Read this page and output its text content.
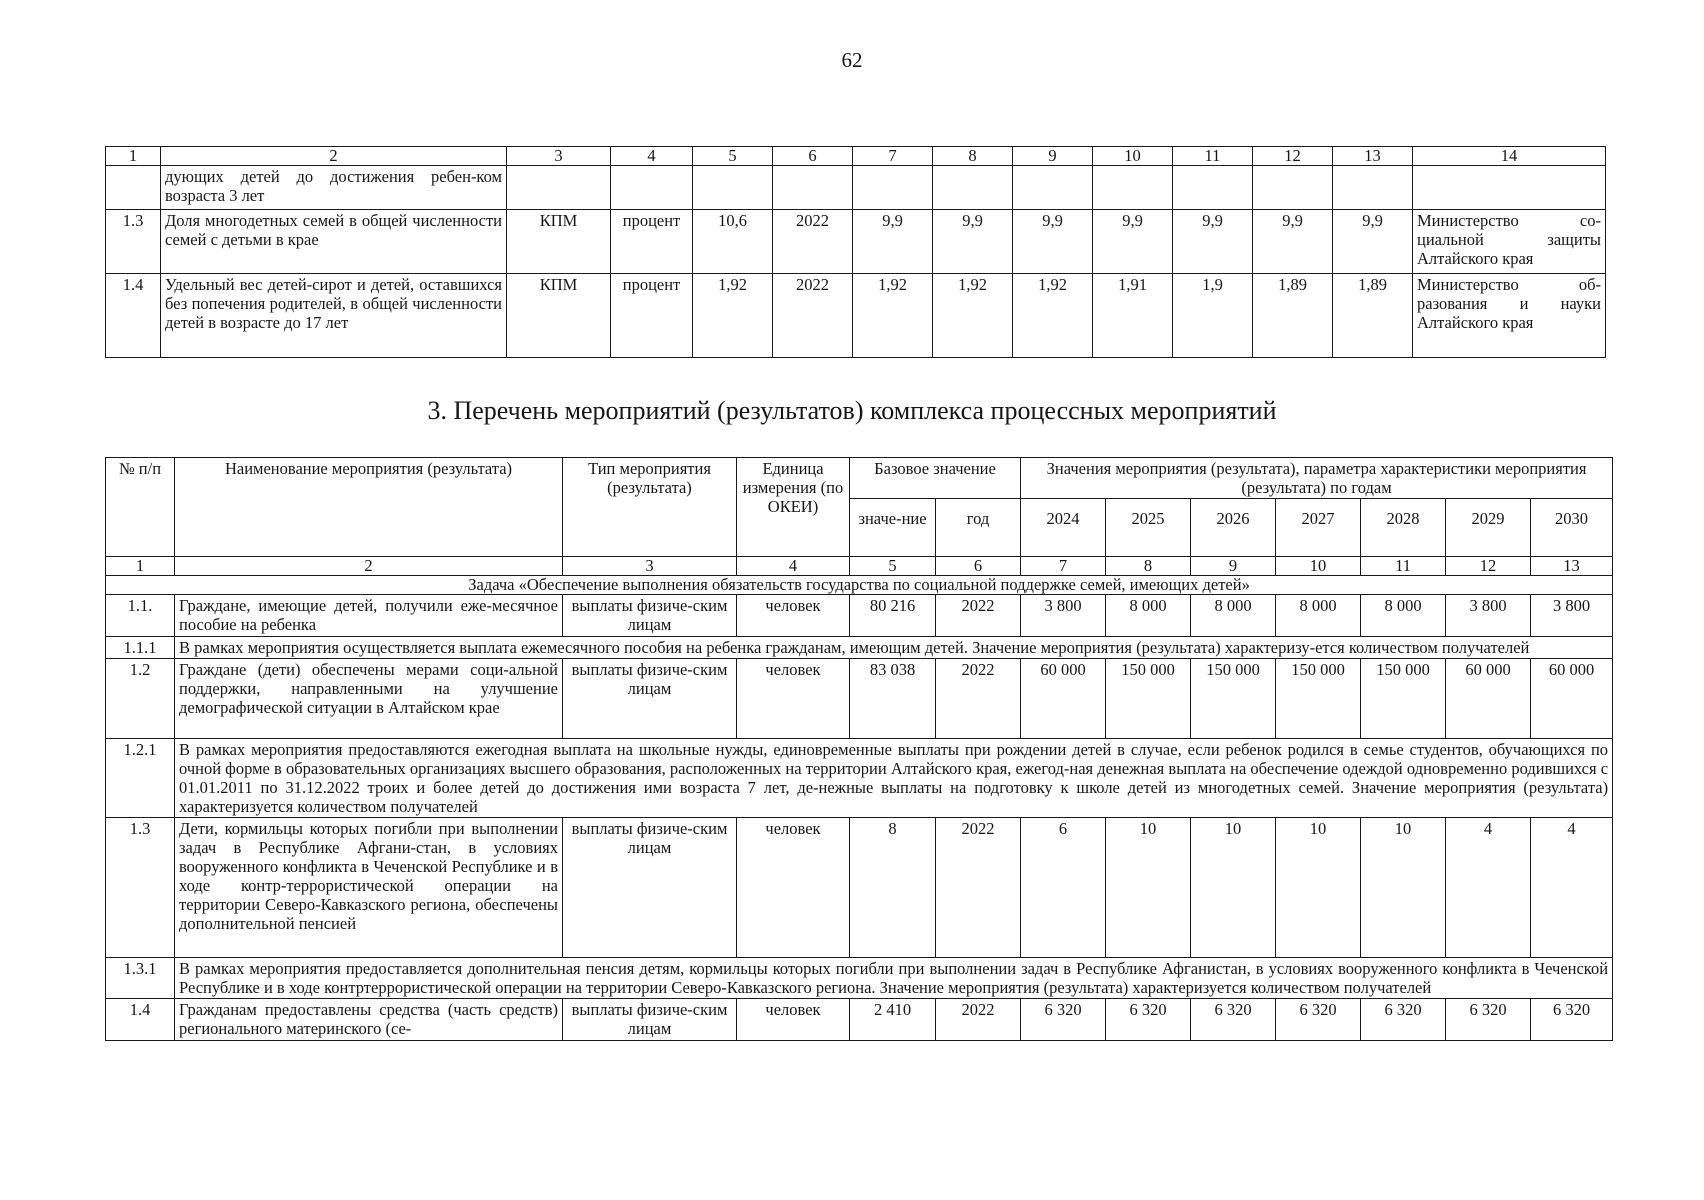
62
1	2	3	4	5	6	7	8	9	10	11	12	13	14
	дующих детей до достижения ребен-ком возраста 3 лет												
1.3	Доля многодетных семей в общей численности семей с детьми в крае	КПМ	процент	10,6	2022	9,9	9,9	9,9	9,9	9,9	9,9	9,9	Министерство со-циальной защиты Алтайского края
1.4	Удельный вес детей-сирот и детей, оставшихся без попечения родителей, в общей численности детей в возрасте до 17 лет	КПМ	процент	1,92	2022	1,92	1,92	1,92	1,91	1,9	1,89	1,89	Министерство об-разования и науки Алтайского края
3. Перечень мероприятий (результатов) комплекса процессных мероприятий
№ п/п	Наименование мероприятия (результата)	Тип мероприятия (результата)	Единица измерения (по ОКЕИ)	Базовое значение		Значения мероприятия (результата), параметра характеристики мероприятия (результата) по годам						
				значе-ние	год	2024	2025	2026	2027	2028	2029	2030
1	2	3	4	5	6	7	8	9	10	11	12	13
Задача «Обеспечение выполнения обязательств государства по социальной поддержке семей, имеющих детей»												
1.1.	Граждане, имеющие детей, получили еже-месячное пособие на ребенка	выплаты физиче-ским лицам	человек	80 216	2022	3 800	8 000	8 000	8 000	8 000	3 800	3 800
1.1.1	В рамках мероприятия осуществляется выплата ежемесячного пособия на ребенка гражданам, имеющим детей. Значение мероприятия (результата) характеризу-ется количеством получателей											
1.2	Граждане (дети) обеспечены мерами соци-альной поддержки, направленными на улучшение демографической ситуации в Алтайском крае	выплаты физиче-ским лицам	человек	83 038	2022	60 000	150 000	150 000	150 000	150 000	60 000	60 000
1.2.1	В рамках мероприятия предоставляются ежегодная выплата на школьные нужды, единовременные выплаты при рождении детей в случае, если ребенок родился в семье студентов, обучающихся по очной форме в образовательных организациях высшего образования, расположенных на территории Алтайского края, ежегод-ная денежная выплата на обеспечение одеждой одновременно родившихся с 01.01.2011 по 31.12.2022 троих и более детей до достижения ими возраста 7 лет, де-нежные выплаты на подготовку к школе детей из многодетных семей. Значение мероприятия (результата) характеризуется количеством получателей											
1.3	Дети, кормильцы которых погибли при выполнении задач в Республике Афгани-стан, в условиях вооруженного конфликта в Чеченской Республике и в ходе контр-террористической операции на территории Северо-Кавказского региона, обеспечены дополнительной пенсией	выплаты физиче-ским лицам	человек	8	2022	6	10	10	10	10	4	4
1.3.1	В рамках мероприятия предоставляется дополнительная пенсия детям, кормильцы которых погибли при выполнении задач в Республике Афганистан, в условиях вооруженного конфликта в Чеченской Республике и в ходе контртеррористической операции на территории Северо-Кавказского региона. Значение мероприятия (результата) характеризуется количеством получателей											
1.4	Гражданам предоставлены средства (часть средств) регионального материнского (се-	выплаты физиче-ским лицам	человек	2 410	2022	6 320	6 320	6 320	6 320	6 320	6 320	6 320
